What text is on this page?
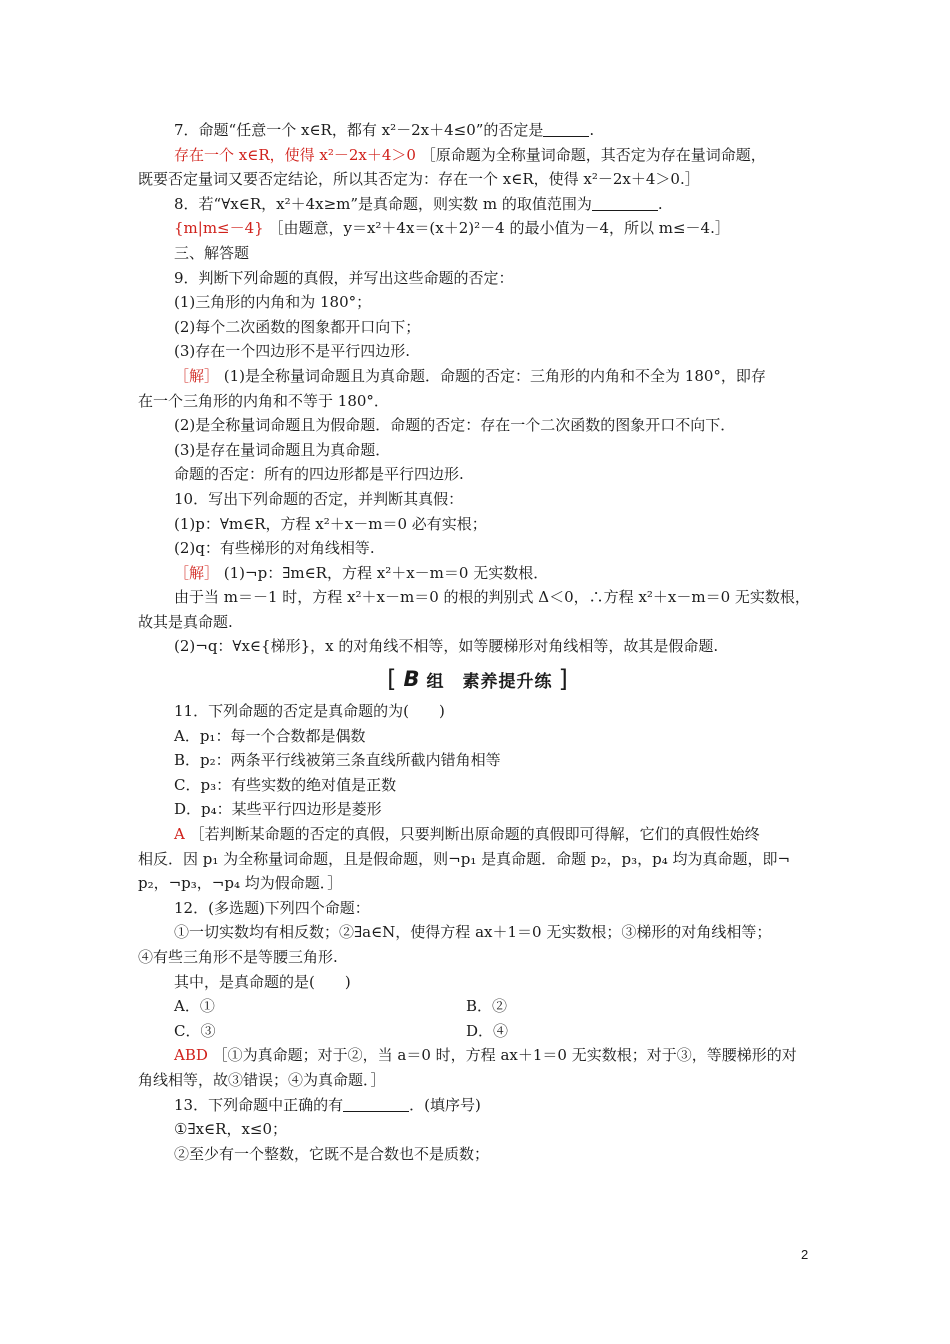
7．命题“任意一个 x∈R，都有 x²－2x＋4≤0”的否定是	.
存在一个 x∈R，使得 x²－2x＋4＞0 ［原命题为全称量词命题，其否定为存在量词命题，
既要否定量词又要否定结论，所以其否定为：存在一个 x∈R，使得 x²－2x＋4＞0.］
8．若“∀x∈R，x²＋4x≥m”是真命题，则实数 m 的取值范围为	.
{m|m≤－4} ［由题意，y＝x²＋4x＝(x＋2)²－4 的最小值为－4，所以 m≤－4.］
三、解答题
9．判断下列命题的真假，并写出这些命题的否定：
(1)三角形的内角和为 180°；
(2)每个二次函数的图象都开口向下；
(3)存在一个四边形不是平行四边形.
［解］ (1)是全称量词命题且为真命题．命题的否定：三角形的内角和不全为 180°，即存
在一个三角形的内角和不等于 180°．
(2)是全称量词命题且为假命题．命题的否定：存在一个二次函数的图象开口不向下．
(3)是存在量词命题且为真命题．
命题的否定：所有的四边形都是平行四边形.
10．写出下列命题的否定，并判断其真假：
(1)p：∀m∈R，方程 x²＋x－m＝0 必有实根；
(2)q：有些梯形的对角线相等.
［解］ (1)¬p：∃m∈R，方程 x²＋x－m＝0 无实数根．
由于当 m＝－1 时，方程 x²＋x－m＝0 的根的判别式 Δ＜0，∴方程 x²＋x－m＝0 无实数根，
故其是真命题.
(2)¬q：∀x∈{梯形}，x 的对角线不相等，如等腰梯形对角线相等，故其是假命题.
[ B 组　素养提升练 ]
11．下列命题的否定是真命题的为( )
A．p₁：每一个合数都是偶数
B．p₂：两条平行线被第三条直线所截内错角相等
C．p₃：有些实数的绝对值是正数
D．p₄：某些平行四边形是菱形
A ［若判断某命题的否定的真假，只要判断出原命题的真假即可得解，它们的真假性始终
相反．因 p₁ 为全称量词命题，且是假命题，则¬p₁ 是真命题．命题 p₂，p₃，p₄ 均为真命题，即¬
p₂，¬p₃，¬p₄ 均为假命题．］
12．(多选题)下列四个命题：
①一切实数均有相反数；②∃a∈N，使得方程 ax＋1＝0 无实数根；③梯形的对角线相等；
④有些三角形不是等腰三角形.
其中，是真命题的是( )
A．①	B．②
C．③	D．④
ABD ［①为真命题；对于②，当 a＝0 时，方程 ax＋1＝0 无实数根；对于③，等腰梯形的对
角线相等，故③错误；④为真命题．］
13．下列命题中正确的有	．(填序号)
①∃x∈R，x≤0；
②至少有一个整数，它既不是合数也不是质数；
2
